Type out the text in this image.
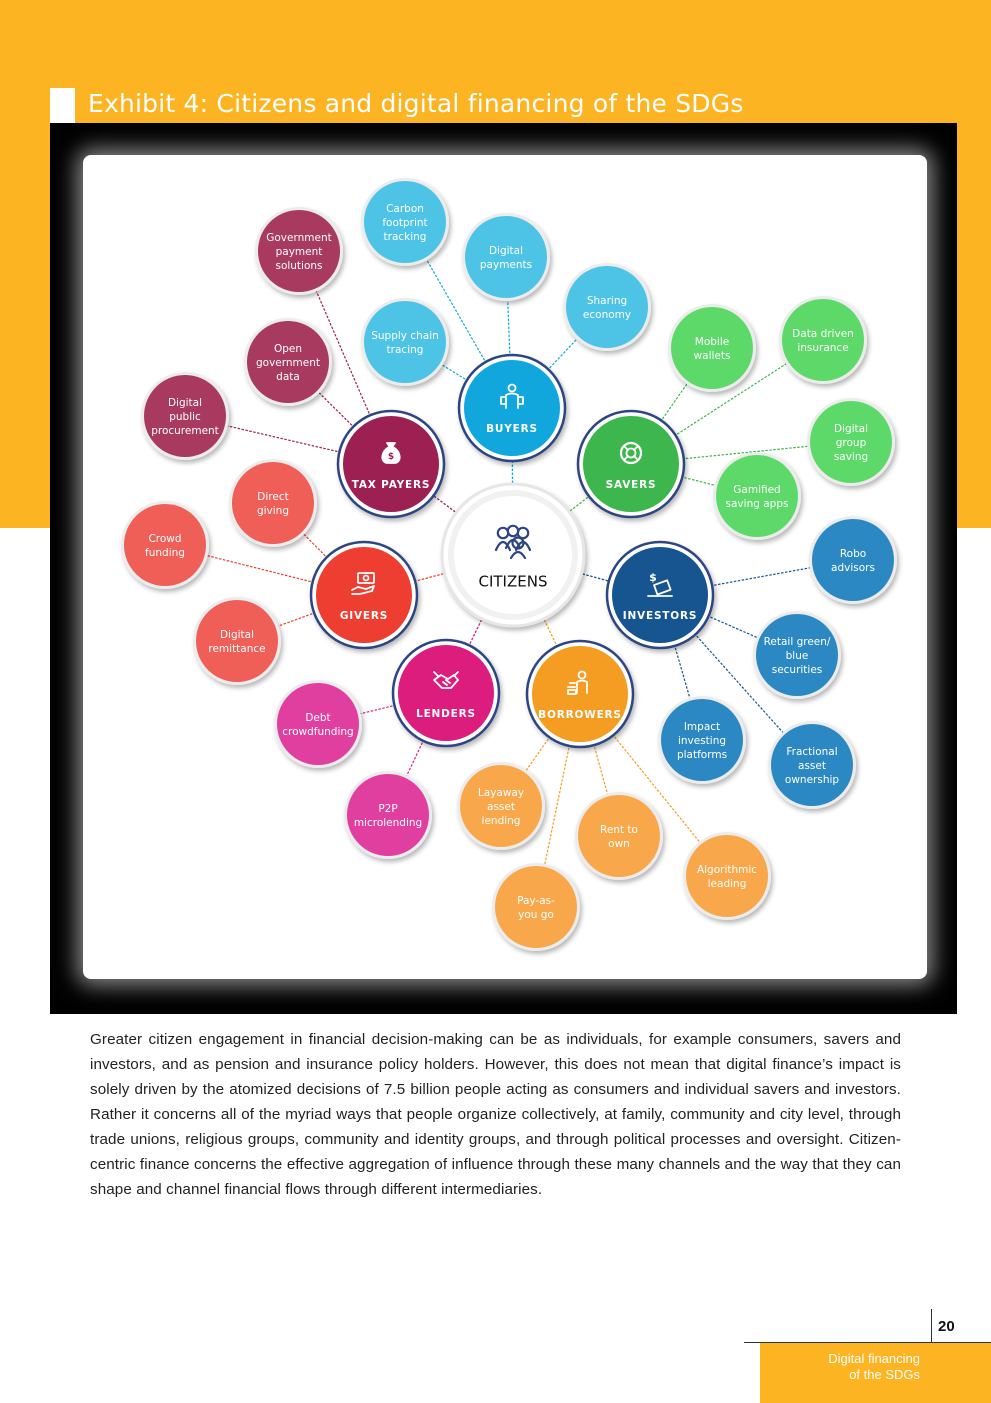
Exhibit 4: Citizens and digital financing of the SDGs
Government payment solutions
Open government data
Digital public procurement
Carbon footprint tracking
Digital payments
Sharing economy
Supply chain tracing
Mobile wallets
Data driven insurance
Digital group saving
Gamified saving apps
Robo advisors
Retail green/ blue securities
Fractional asset ownership
Impact investing platforms
Layaway asset lending
Pay-as-you go
Rent to own
Algorithmic leading
Debt crowdfunding
P2P microlending
Direct giving
Crowd funding
Digital remittance
$
TAX PAYERS
BUYERS
SAVERS
$
INVESTORS
BORROWERS
LENDERS
GIVERS
CITIZENS

Greater citizen engagement in financial decision-making can be as individuals, for example consumers, savers and investors, and as pension and insurance policy holders. However, this does not mean that digital finance’s impact is solely driven by the atomized decisions of 7.5 billion people acting as consumers and individual savers and investors. Rather it concerns all of the myriad ways that people organize collectively, at family, community and city level, through trade unions, religious groups, community and identity groups, and through political processes and oversight. Citizen-centric finance concerns the effective aggregation of influence through these many channels and the way that they can shape and channel financial flows through different intermediaries.

20
Digital financing
of the SDGs
